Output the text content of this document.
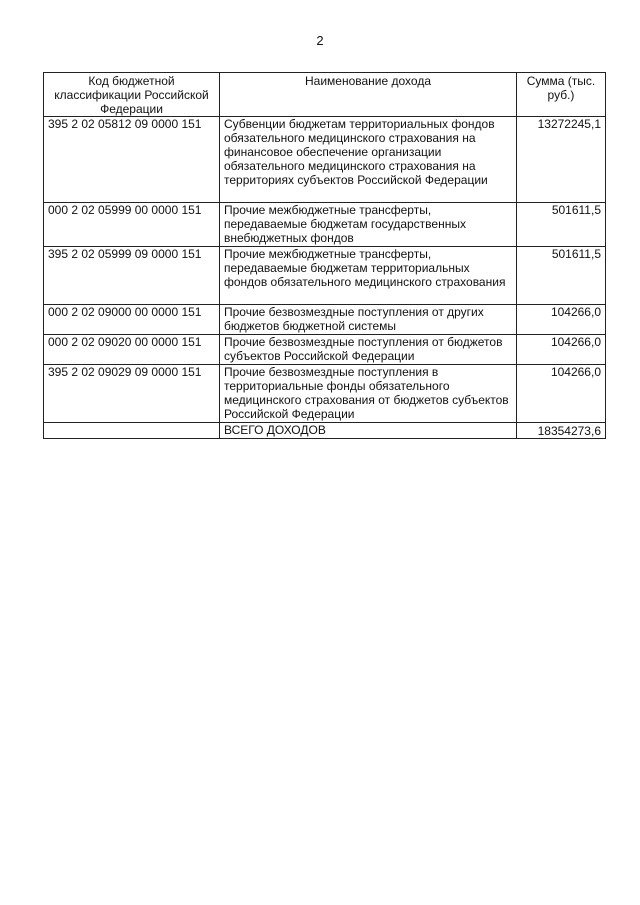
2
Код бюджетной классификации Российской Федерации	Наименование дохода	Сумма (тыс. руб.)
395 2 02 05812 09 0000 151	Субвенции бюджетам территориальных фондов обязательного медицинского страхования на финансовое обеспечение организации обязательного медицинского страхования на территориях субъектов Российской Федерации	13272245,1
000 2 02 05999 00 0000 151	Прочие межбюджетные трансферты, передаваемые бюджетам государственных внебюджетных фондов	501611,5
395 2 02 05999 09 0000 151	Прочие межбюджетные трансферты, передаваемые бюджетам территориальных фондов обязательного медицинского страхования	501611,5
000 2 02 09000 00 0000 151	Прочие безвозмездные поступления от других бюджетов бюджетной системы	104266,0
000 2 02 09020 00 0000 151	Прочие безвозмездные поступления от бюджетов субъектов Российской Федерации	104266,0
395 2 02 09029 09 0000 151	Прочие безвозмездные поступления в территориальные фонды обязательного медицинского страхования от бюджетов субъектов Российской Федерации	104266,0
	ВСЕГО ДОХОДОВ	18354273,6
